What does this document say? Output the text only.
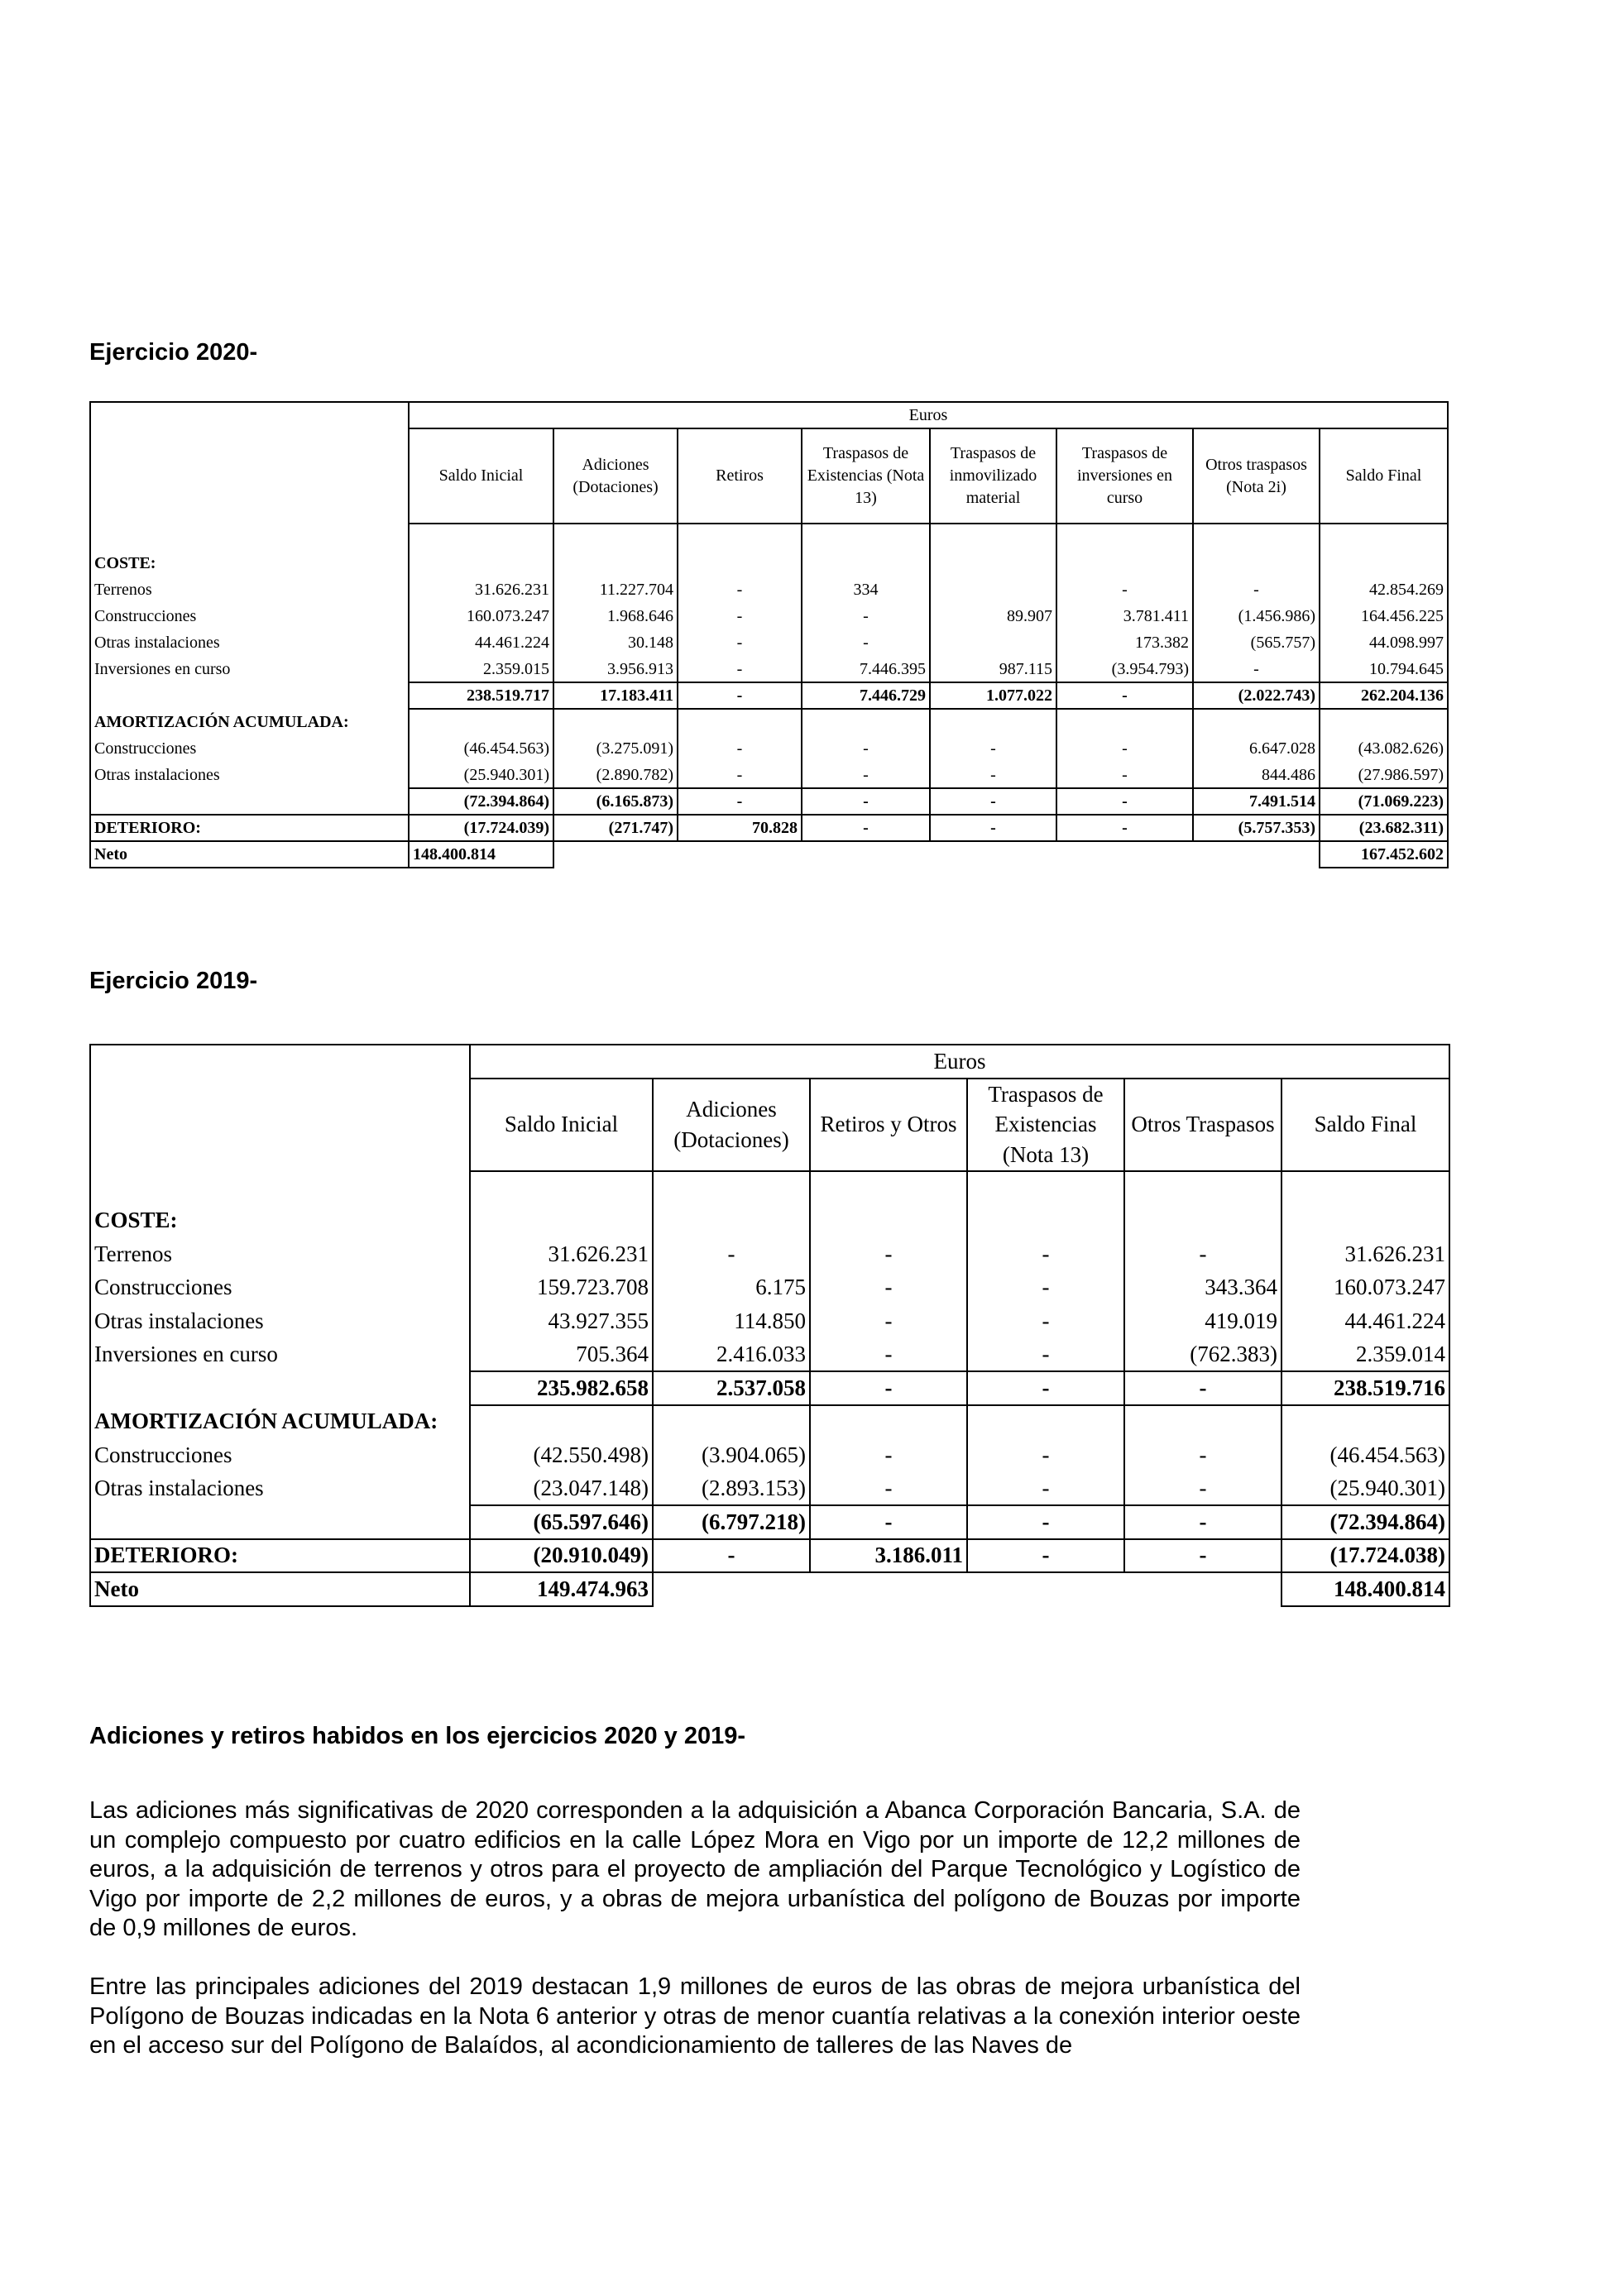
Ejercicio 2020-
	Euros							
	Saldo Inicial	Adiciones (Dotaciones)	Retiros	Traspasos de Existencias (Nota 13)	Traspasos de inmovilizado material	Traspasos de inversiones en curso	Otros traspasos (Nota 2i)	Saldo Final

COSTE:								
Terrenos	31.626.231	11.227.704	-	334		-	-	42.854.269
Construcciones	160.073.247	1.968.646	-	-	89.907	3.781.411	(1.456.986)	164.456.225
Otras instalaciones	44.461.224	30.148	-	-		173.382	(565.757)	44.098.997
Inversiones en curso	2.359.015	3.956.913	-	7.446.395	987.115	(3.954.793)	-	10.794.645
	238.519.717	17.183.411	-	7.446.729	1.077.022	-	(2.022.743)	262.204.136
AMORTIZACIÓN ACUMULADA:								
Construcciones	(46.454.563)	(3.275.091)	-	-	-	-	6.647.028	(43.082.626)
Otras instalaciones	(25.940.301)	(2.890.782)	-	-	-	-	844.486	(27.986.597)
	(72.394.864)	(6.165.873)	-	-	-	-	7.491.514	(71.069.223)
DETERIORO:	(17.724.039)	(271.747)	70.828	-	-	-	(5.757.353)	(23.682.311)
Neto	148.400.814							167.452.602
Ejercicio 2019-
	Euros					
	Saldo Inicial	Adiciones (Dotaciones)	Retiros y Otros	Traspasos de Existencias (Nota 13)	Otros Traspasos	Saldo Final

COSTE:						
Terrenos	31.626.231	-	-	-	-	31.626.231
Construcciones	159.723.708	6.175	-	-	343.364	160.073.247
Otras instalaciones	43.927.355	114.850	-	-	419.019	44.461.224
Inversiones en curso	705.364	2.416.033	-	-	(762.383)	2.359.014
	235.982.658	2.537.058	-	-	-	238.519.716
AMORTIZACIÓN ACUMULADA:						
Construcciones	(42.550.498)	(3.904.065)	-	-	-	(46.454.563)
Otras instalaciones	(23.047.148)	(2.893.153)	-	-	-	(25.940.301)
	(65.597.646)	(6.797.218)	-	-	-	(72.394.864)
DETERIORO:	(20.910.049)	-	3.186.011	-	-	(17.724.038)
Neto	149.474.963					148.400.814
Adiciones y retiros habidos en los ejercicios 2020 y 2019-

Las adiciones más significativas de 2020 corresponden a la adquisición a Abanca Corporación Bancaria, S.A. de un complejo compuesto por cuatro edificios en la calle López Mora en Vigo por un importe de 12,2 millones de euros, a la adquisición de terrenos y otros para el proyecto de ampliación del Parque Tecnológico y Logístico de Vigo por importe de 2,2 millones de euros, y a obras de mejora urbanística del polígono de Bouzas por importe de 0,9 millones de euros.

Entre las principales adiciones del 2019 destacan 1,9 millones de euros de las obras de mejora urbanística del Polígono de Bouzas indicadas en la Nota 6 anterior y otras de menor cuantía relativas a la conexión interior oeste en el acceso sur del Polígono de Balaídos, al acondicionamiento de talleres de las Naves de
